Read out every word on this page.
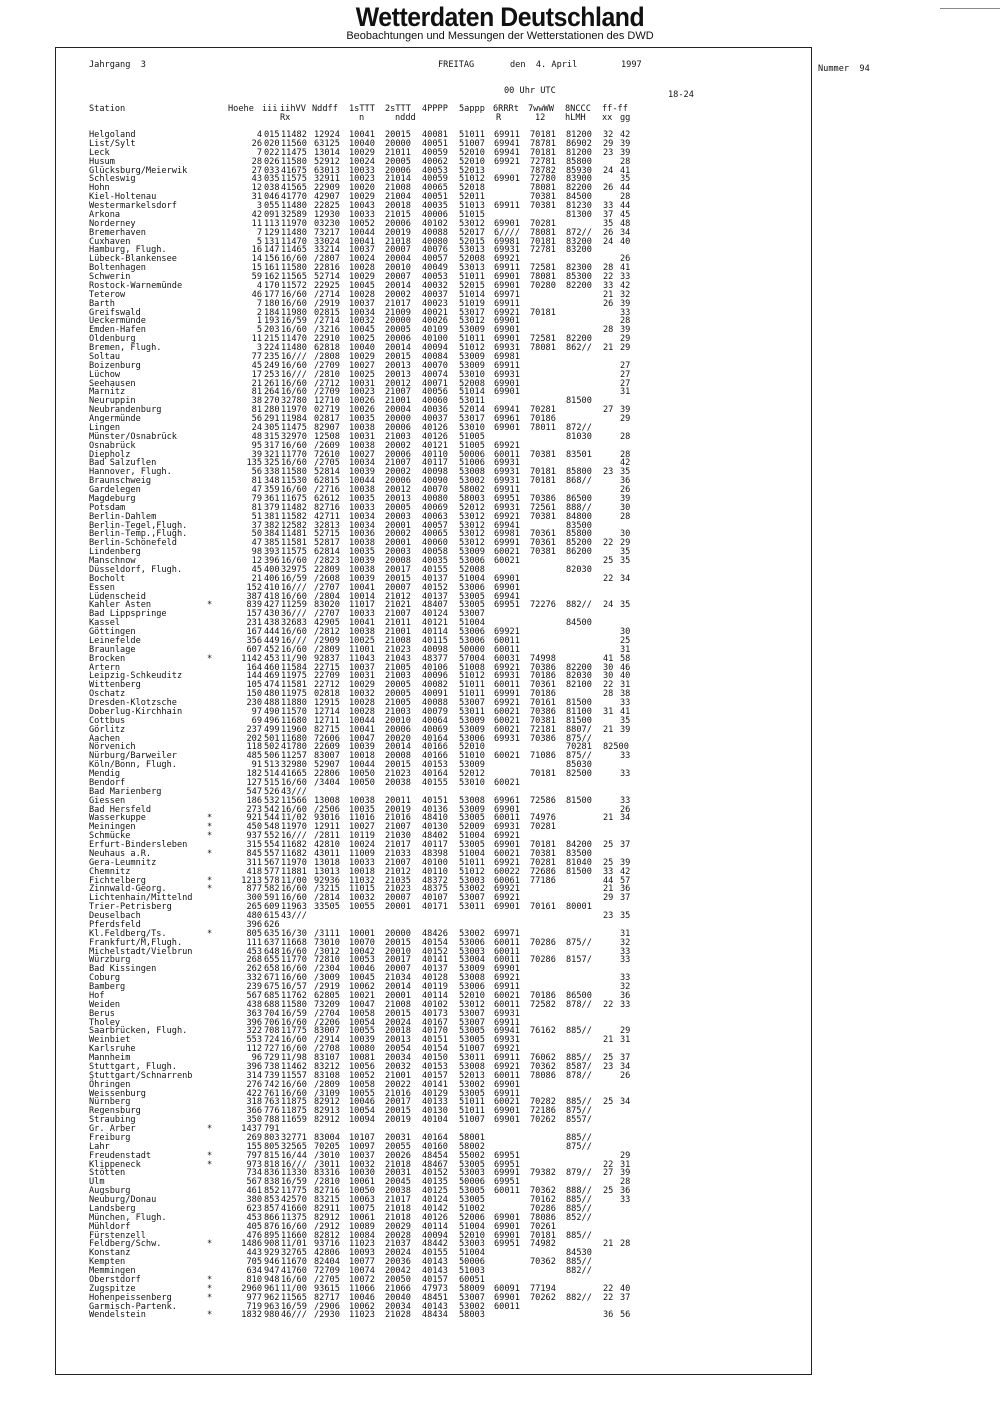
Wetterdaten Deutschland
Beobachtungen und Messungen der Wetterstationen des DWD
Jahrgang  3	FREITAG	den  4. April	1997	Nummer  94
00 Uhr UTC	18-24
Station	Hoehe iii iihVV Nddff 1sTTT 2sTTT 4PPPP 5appp 6RRRt 7wwWW 8NCCC ff-ff
Rx	n	nddd	R	12 hLMH xx gg
Helgoland	4 015 11482 12924 10041 20015 40081 51011 69911 70181 81200 32 42
List/Sylt	26 020 11560 63125 10040 20000 40051 51007 69941 78781 86902 29 39
Leck	7 022 11475 13014 10029 21011 40059 52010 69941 70181 81200 23 39
Husum	28 026 11580 52912 10024 20005 40062 52010 69921 72781 85800	28
Glücksburg/Meierwik	27 033 41675 63013 10033 20006 40053 52013	78782 85930 24 41
Schleswig	43 035 11575 32911 10023 21014 40059 51012 69901 72780 83900	35
Hohn	12 038 41565 22909 10020 21008 40065 52018	78081 82200 26 44
Kiel-Holtenau	31 046 41770 42907 10029 21004 40051 52011	70381 84500	28
Westermarkelsdorf	3 055 11480 22825 10043 20018 40035 51013 69911 70381 81230 33 44
Arkona	42 091 32589 12930 10033 21015 40006 51015	81300 37 45
Norderney	11 113 11970 03230 10052 20006 40102 53012 69901 70281	35 48
Bremerhaven	7 129 11480 73217 10044 20019 40088 52017 6//// 78081 872// 26 34
Cuxhaven	5 131 11470 33024 10041 21018 40080 52015 69981 70181 83200 24 40
Hamburg, Flugh.	16 147 11465 33214 10037 20007 40076 53013 69931 72781 83200
Lübeck-Blankensee	14 156 16/60 /2807 10024 20004 40057 52008 69921	26
Boltenhagen	15 161 11580 22816 10028 20010 40049 53013 69911 72581 82300 28 41
Schwerin	59 162 11565 52714 10029 20007 40053 51011 69901 78081 85300 22 33
Rostock-Warnemünde	4 170 11572 22925 10045 20014 40032 52015 69901 70280 82200 33 42
Teterow	46 177 16/60 /2714 10028 20002 40037 51014 69971	21 32
Barth	7 180 16/60 /2919 10037 21017 40023 51019 69911	26 39
Greifswald	2 184 11980 02815 10034 21009 40021 53017 69921 70181	33
Ueckermünde	1 193 16/59 /2714 10032 20000 40026 53012 69901	28
Emden-Hafen	5 203 16/60 /3216 10045 20005 40109 53009 69901	28 39
Oldenburg	11 215 11470 22910 10025 20006 40100 51011 69901 72581 82200	29
Bremen, Flugh.	3 224 11480 62818 10040 20014 40094 51012 69931 78081 862// 21 29
Soltau	77 235 16/// /2808 10029 20015 40084 53009 69981
Boizenburg	45 249 16/60 /2709 10027 20013 40070 53009 69911	27
Lüchow	17 253 16/// /2810 10025 20013 40074 53010 69931	27
Seehausen	21 261 16/60 /2712 10031 20012 40071 52008 69901	27
Marnitz	81 264 16/60 /2709 10023 21007 40056 51014 69901	31
Neuruppin	38 270 32780 12710 10026 21001 40060 53011	81500
Neubrandenburg	81 280 11970 02719 10026 20004 40036 52014 69941 70281	27 39
Angermünde	56 291 11984 02817 10035 20000 40037 53017 69961 70186	29
Lingen	24 305 11475 82907 10038 20006 40126 53010 69901 78011 872//
Münster/Osnabrück	48 315 32970 12508 10031 21003 40126 51005	81030	28
Osnabrück	95 317 16/60 /2609 10038 20002 40121 51005 69921
Diepholz	39 321 11770 72610 10027 20006 40110 50006 60011 70381 83501	28
Bad Salzuflen	135 325 16/60 /2705 10034 21007 40117 51006 69931	42
Hannover, Flugh.	56 338 11580 52814 10039 20002 40098 53008 69931 70181 85800 23 35
Braunschweig	81 348 11530 62815 10044 20006 40090 53002 69931 70181 868//	36
Gardelegen	47 359 16/60 /2716 10038 20012 40070 58002 69911	26
Magdeburg	79 361 11675 62612 10035 20013 40080 58003 69951 70386 86500	39
Potsdam	81 379 11482 82716 10033 20005 40069 52012 69931 72561 888//	30
Berlin-Dahlem	51 381 11582 42711 10034 20003 40063 53012 69921 70381 84800	28
Berlin-Tegel,Flugh.	37 382 12582 32813 10034 20001 40057 53012 69941	83500
Berlin-Temp.,Flugh.	50 384 11481 52715 10036 20002 40065 53012 69981 70361 85800	30
Berlin-Schönefeld	47 385 11581 52817 10038 20001 40060 53012 69991 70361 85200 22 29
Lindenberg	98 393 11575 62814 10035 20003 40058 53009 60021 70381 86200	35
Manschnow	12 396 16/60 /2823 10039 20008 40035 53006 60021	25 35
Düsseldorf, Flugh.	45 400 32975 22809 10038 20017 40155 52008	82030
Bocholt	21 406 16/59 /2608 10039 20015 40137 51004 69901	22 34
Essen	152 410 16/// /2707 10041 20007 40152 53006 69901
Lüdenscheid	387 418 16/60 /2804 10014 21012 40137 53005 69941
Kahler Asten	*	839 427 11259 83020 11017 21021 48407 53005 69951 72276 882// 24 35
Bad Lippspringe	157 430 36/// /2707 10033 21007 40124 53007
Kassel	231 438 32683 42905 10041 21011 40121 51004	84500
Göttingen	167 444 16/60 /2812 10038 21001 40114 53006 69921	30
Leinefelde	356 449 16/// /2909 10025 21008 40115 53006 60011	25
Braunlage	607 452 16/60 /2809 11001 21023 40098 50000 60011	31
Brocken	*	1142 453 11/90 92837 11043 21043 48377 57004 60031 74998	41 58
Artern	164 460 11584 22715 10037 21005 40106 51008 69921 70386 82200 30 46
Leipzig-Schkeuditz	144 469 11975 22709 10031 21003 40096 51012 69931 70186 82030 30 40
Wittenberg	105 474 11581 22712 10029 20005 40082 51011 60011 70361 82100 22 31
Oschatz	150 480 11975 02818 10032 20005 40091 51011 69991 70186	28 38
Dresden-Klotzsche	230 488 11880 12915 10028 21005 40088 53007 69921 70161 81500	33
Doberlug-Kirchhain	97 490 11570 12714 10028 21003 40079 53011 60021 70386 81100 31 41
Cottbus	69 496 11680 12711 10044 20010 40064 53009 60021 70381 81500	35
Görlitz	237 499 11960 82715 10041 20006 40069 53009 60021 72181 8807/ 21 39
Aachen	202 501 11680 72606 10047 20020 40164 53006 69931 70386 875//
Nörvenich	118 502 41780 22609 10039 20014 40166 52010	70281 82500
Nürburg/Barweiler	485 506 11257 83007 10018 20008 40166 51010 60021 71086 875//	33
Köln/Bonn, Flugh.	91 513 32980 52907 10044 20015 40153 53009	85030
Mendig	182 514 41665 22806 10050 21023 40164 52012	70181 82500	33
Bendorf	127 515 16/60 /3404 10050 20038 40155 53010 60021
Bad Marienberg	547 526 43///
Giessen	186 532 11566 13008 10038 20011 40151 53008 69961 72586 81500	33
Bad Hersfeld	273 542 16/60 /2506 10035 20019 40136 53009 69901	26
Wasserkuppe	*	921 544 11/02 93016 11016 21016 48410 53005 60011 74976	21 34
Meiningen	*	450 548 11970 12911 10027 21007 40130 52009 69931 70281
Schmücke	*	937 552 16/// /2811 10119 21030 48402 51004 69921
Erfurt-Bindersleben	315 554 11682 42810 10024 21017 40117 53005 69901 70181 84200 25 37
Neuhaus a.R.	*	845 557 11682 43011 11009 21033 48398 51004 60021 70381 83500
Gera-Leumnitz	311 567 11970 13018 10033 21007 40100 51011 69921 70281 81040 25 39
Chemnitz	418 577 11881 13013 10018 21012 40110 51012 60022 72686 81500 33 42
Fichtelberg	*	1213 578 11/00 92936 11032 21035 48372 53003 60061 77186	44 57
Zinnwald-Georg.	*	877 582 16/60 /3215 11015 21023 48375 53002 69921	21 36
Lichtenhain/Mittelnd	300 591 16/60 /2814 10032 20007 40107 53007 69921	29 37
Trier-Petrisberg	265 609 11963 33505 10055 20001 40171 53011 69901 70161 80001
Deuselbach	480 615 43///	23 35
Pferdsfeld	396 626
Kl.Feldberg/Ts.	*	805 635 16/30 /3111 10001 20000 48426 53002 69971	31
Frankfurt/M,Flugh.	111 637 11668 73010 10070 20015 40154 53006 60011 70286 875//	32
Michelstadt/Vielbrun	453 648 16/60 /3012 10042 20010 40152 53003 60011	33
Würzburg	268 655 11770 72810 10053 20017 40141 53004 60011 70286 8157/	33
Bad Kissingen	262 658 16/60 /2304 10046 20007 40137 53009 69901
Coburg	332 671 16/60 /3009 10045 21034 40128 53008 69921	33
Bamberg	239 675 16/57 /2919 10062 20014 40119 53006 69911	32
Hof	567 685 11762 62805 10021 20001 40114 52010 60021 70186 86500	36
Weiden	438 688 11580 73209 10047 21008 40102 53012 60011 72582 878// 22 33
Berus	363 704 16/59 /2704 10058 20015 40173 53007 69931
Tholey	396 706 16/60 /2206 10054 20024 40167 53007 69911
Saarbrücken, Flugh.	322 708 11775 83007 10055 20018 40170 53005 69941 76162 885//	29
Weinbiet	553 724 16/60 /2914 10039 20013 40151 53005 69931	21 31
Karlsruhe	112 727 16/60 /2708 10080 20054 40154 51007 69921
Mannheim	96 729 11/98 83107 10081 20034 40150 53011 69911 76062 885// 25 37
Stuttgart, Flugh.	396 738 11462 83212 10056 20032 40153 53008 69921 70362 8587/ 23 34
Stuttgart/Schnarrenb	314 739 11557 83108 10052 21001 40157 52013 60011 78086 878//	26
Öhringen	276 742 16/60 /2809 10058 20022 40141 53002 69901
Weissenburg	422 761 16/60 /3109 10055 21016 40129 53005 69911
Nürnberg	318 763 11875 82912 10046 20017 40133 51011 60021 70282 885// 25 34
Regensburg	366 776 11875 82913 10054 20015 40130 51011 69901 72186 875//
Straubing	350 788 11659 82912 10094 20019 40104 51007 69901 70262 8557/
Gr. Arber	*	1437 791
Freiburg	269 803 32771 83004 10107 20031 40164 58001	885//
Lahr	155 805 32565 70205 10097 20055 40160 58002	875//
Freudenstadt	*	797 815 16/44 /3010 10037 20026 48454 55002 69951	29
Klippeneck	*	973 818 16/// /3011 10032 21018 48467 53005 69951	22 31
Stötten	734 836 11330 83316 10030 20031 40152 53003 69991 79382 879// 27 39
Ulm	567 838 16/59 /2810 10061 20045 40135 50006 69951	28
Augsburg	461 852 11775 82716 10050 20038 40125 53005 60011 70362 888// 25 36
Neuburg/Donau	380 853 42570 83215 10063 21017 40124 53005	70162 885//	33
Landsberg	623 857 41660 82911 10075 21018 40142 51002	70286 885//
München, Flugh.	453 866 11375 82912 10061 21018 40126 52006 69901 78086 852//
Mühldorf	405 876 16/60 /2912 10089 20029 40114 51004 69901 70261
Fürstenzell	476 895 11660 82812 10084 20028 40094 52010 69901 70181 885//
Feldberg/Schw.	*	1486 908 11/01 93716 11023 21037 48442 53003 69951 74982	21 28
Konstanz	443 929 32765 42806 10093 20024 40155 51004	84530
Kempten	705 946 11670 82404 10077 20036 40143 50006	70362 885//
Memmingen	634 947 41760 72709 10074 20042 40143 51003	882//
Oberstdorf	*	810 948 16/60 /2705 10072 20050 40157 60051
Zugspitze	*	2960 961 11/00 93615 11066 21066 47973 58009 60091 77194	22 40
Hohenpeissenberg	*	977 962 11565 82717 10046 20040 48451 53007 69901 70262 882// 22 37
Garmisch-Partenk.	719 963 16/59 /2906 10062 20034 40143 53002 60011
Wendelstein	*	1832 980 46/// /2930 11023 21028 48434 58003	36 56
